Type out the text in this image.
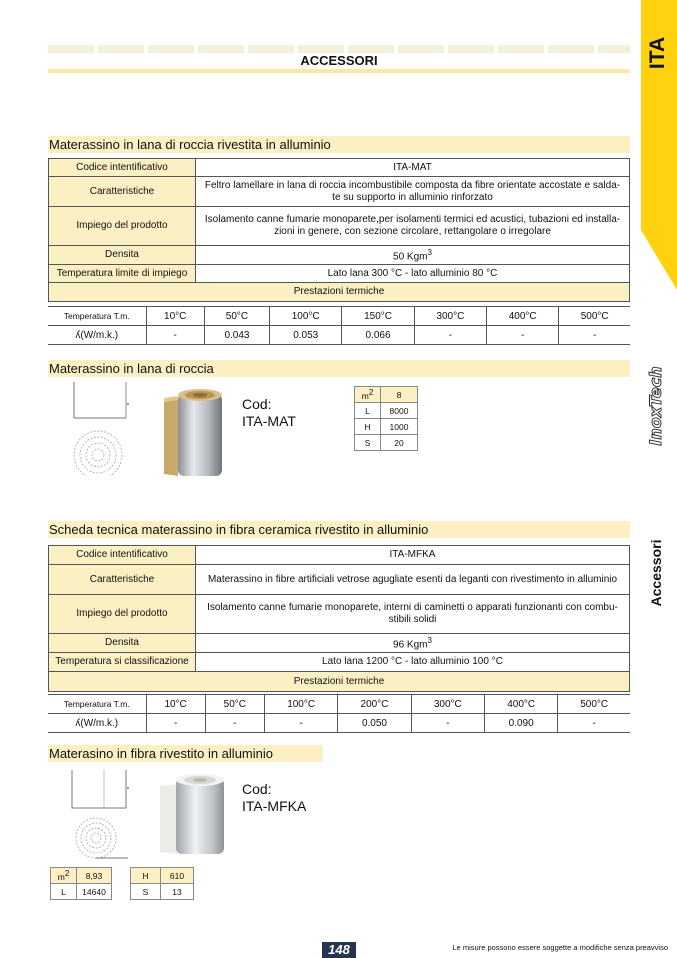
ITA
ACCESSORI
InoxTech
Accessori
Materassino in lana di roccia rivestita in alluminio
Codice intentificativo	ITA-MAT
Caratteristiche	Feltro lamellare in lana di roccia incombustibile composta da fibre orientate accostate e salda- te su supporto in alluminio rinforzato
Impiego del prodotto	Isolamento canne fumarie monoparete,per isolamenti termici ed acustici, tubazioni ed installa- zioni in genere, con sezione circolare, rettangolare o irregolare
Densita	50 Kgm$^3$
Temperatura limite di impiego	Lato lana 300 °C - lato alluminio 80 °C
Prestazioni termiche	
Temperatura T.m.	10°C	50°C	100°C	150°C	300°C	400°C	500°C
ʎ(W/m.k.)	-	0.043	0.053	0.066	-	-	-
Materassino in lana di roccia
Cod:
ITA-MAT
$m^2$	8
L	8000
H	1000
S	20
Scheda tecnica materassino in fibra ceramica rivestito in alluminio
Codice intentificativo	ITA-MFKA
Caratteristiche	Materassino in fibre artificiali vetrose agugliate esenti da leganti con rivestimento in alluminio
Impiego del prodotto	Isolamento canne fumarie monoparete, interni di caminetti o apparati funzionanti con combu- stibili solidi
Densita	96 Kgm$^3$
Temperatura si classificazione	Lato lana 1200 °C - lato alluminio 100 °C
Prestazioni termiche	
Temperatura T.m.	10°C	50°C	100°C	200°C	300°C	400°C	500°C
ʎ(W/m.k.)	-	-	-	0.050	-	0.090	-
Materasino in fibra rivestito in alluminio
Cod:
ITA-MFKA
$m^2$	8,93
L	14640
H	610
S	13
148	Le misure possono essere soggette a modifiche senza preavviso
